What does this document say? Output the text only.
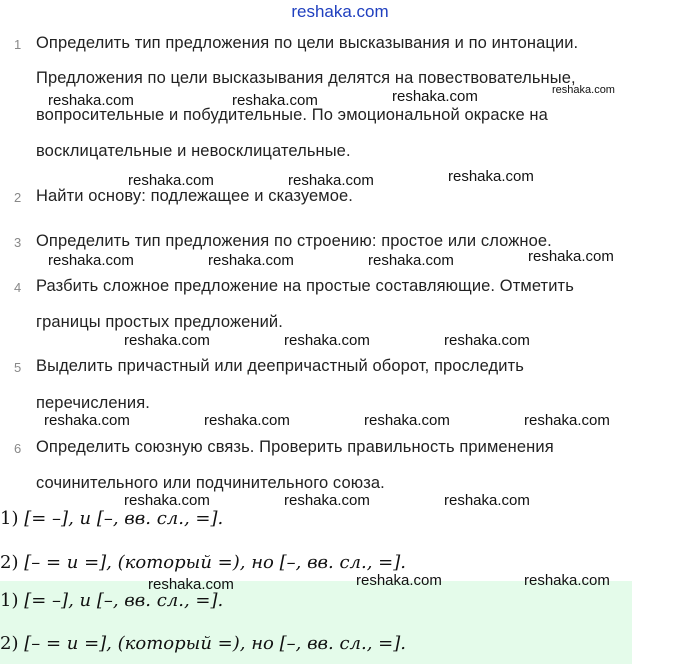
reshaka.com
1 Определить тип предложения по цели высказывания и по интонации.
Предложения по цели высказывания делятся на повествовательные,
вопросительные и побудительные. По эмоциональной окраске на
восклицательные и невосклицательные.
2 Найти основу: подлежащее и сказуемое.
3 Определить тип предложения по строению: простое или сложное.
4 Разбить сложное предложение на простые составляющие. Отметить
границы простых предложений.
5 Выделить причастный или деепричастный оборот, проследить
перечисления.
6 Определить союзную связь. Проверить правильность применения
сочинительного или подчинительного союза.
1) [= –], и [–, вв. сл., =].
2) [– = и =], (который =), но [–, вв. сл., =].
1) [= –], и [–, вв. сл., =].
2) [– = и =], (который =), но [–, вв. сл., =].
reshaka.com	reshaka.com	reshaka.com	reshaka.com
reshaka.com	reshaka.com	reshaka.com
reshaka.com	reshaka.com	reshaka.com	reshaka.com
reshaka.com	reshaka.com	reshaka.com
reshaka.com	reshaka.com	reshaka.com	reshaka.com
reshaka.com	reshaka.com	reshaka.com
reshaka.com	reshaka.com	reshaka.com
